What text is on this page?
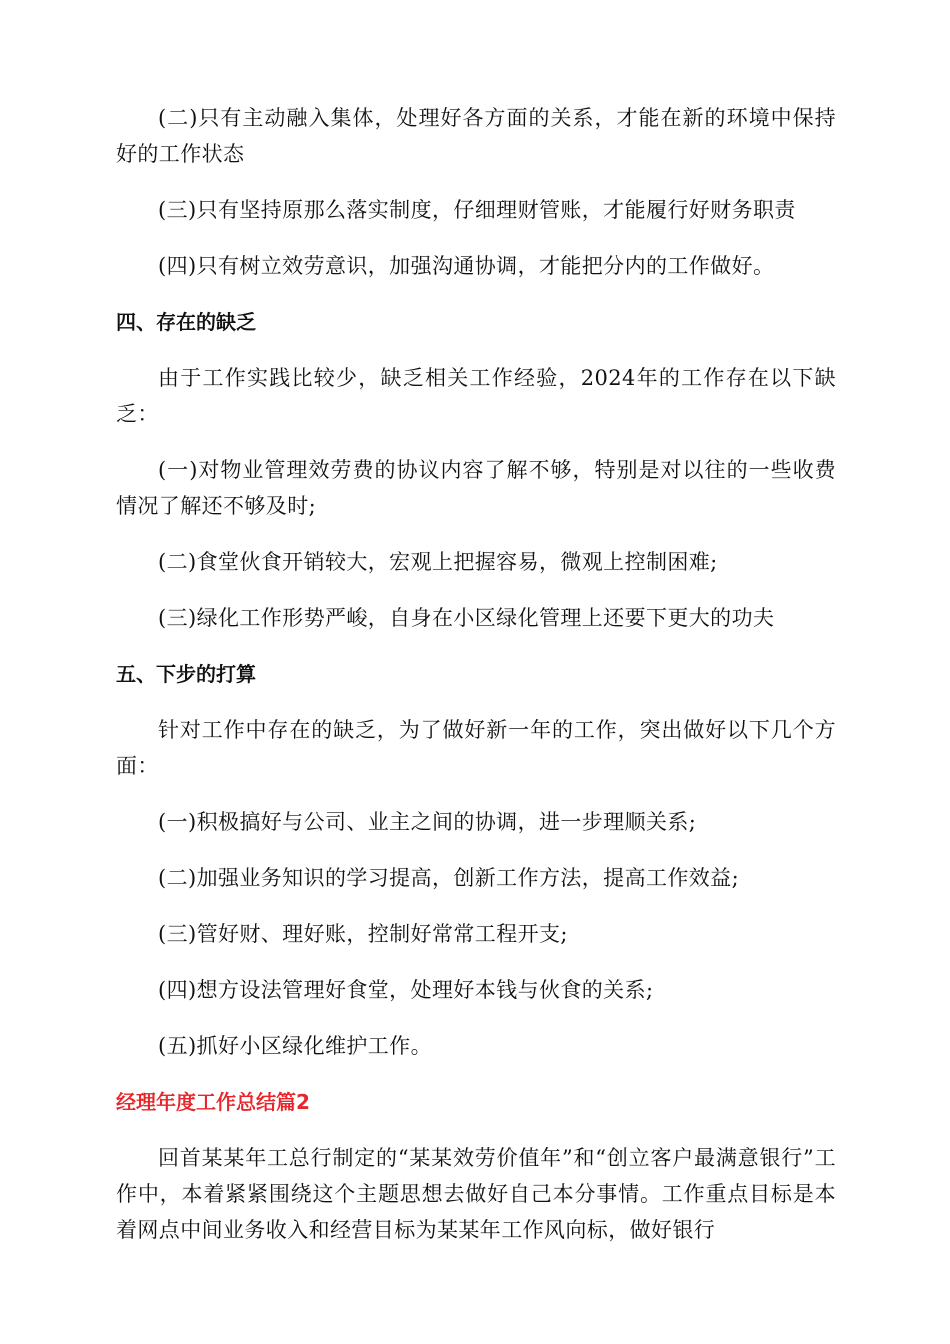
(二)只有主动融入集体，处理好各方面的关系，才能在新的环境中保持好的工作状态

(三)只有坚持原那么落实制度，仔细理财管账，才能履行好财务职责

(四)只有树立效劳意识，加强沟通协调，才能把分内的工作做好。

四、存在的缺乏

由于工作实践比较少，缺乏相关工作经验，2024年的工作存在以下缺乏：

(一)对物业管理效劳费的协议内容了解不够，特别是对以往的一些收费情况了解还不够及时;

(二)食堂伙食开销较大，宏观上把握容易，微观上控制困难;

(三)绿化工作形势严峻，自身在小区绿化管理上还要下更大的功夫

五、下步的打算

针对工作中存在的缺乏，为了做好新一年的工作，突出做好以下几个方面：

(一)积极搞好与公司、业主之间的协调，进一步理顺关系;

(二)加强业务知识的学习提高，创新工作方法，提高工作效益;

(三)管好财、理好账，控制好常常工程开支;

(四)想方设法管理好食堂，处理好本钱与伙食的关系;

(五)抓好小区绿化维护工作。

经理年度工作总结篇2

回首某某年工总行制定的“某某效劳价值年”和“创立客户最满意银行”工作中，本着紧紧围绕这个主题思想去做好自己本分事情。工作重点目标是本着网点中间业务收入和经营目标为某某年工作风向标，做好银行
